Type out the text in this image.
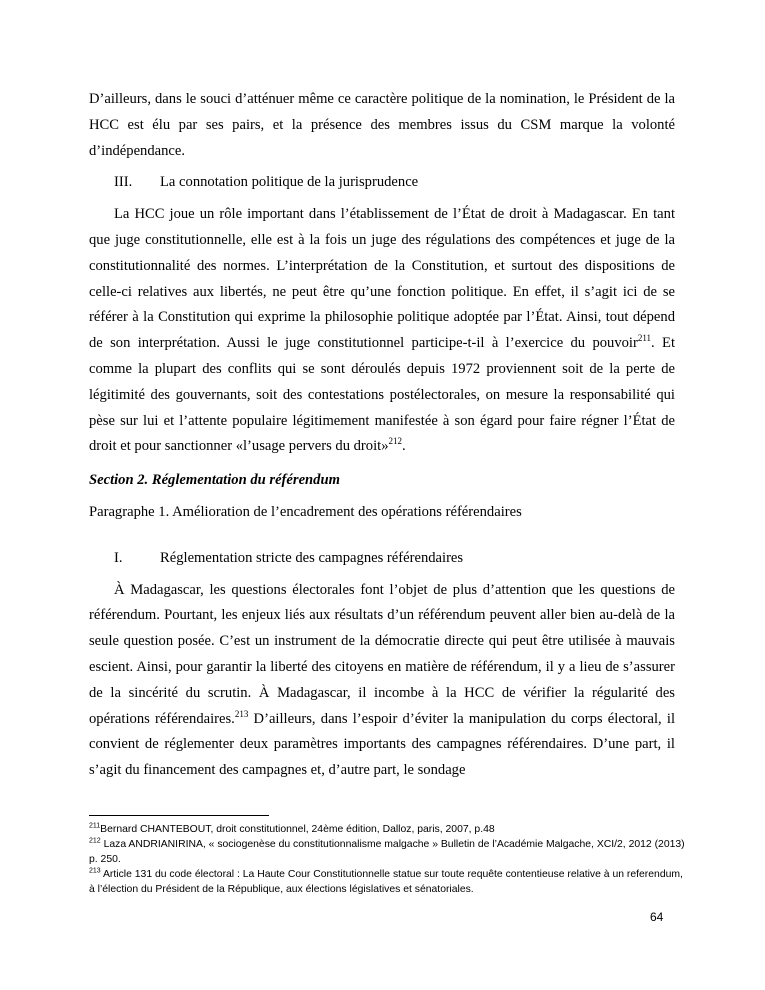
D’ailleurs, dans le souci d’atténuer même ce caractère politique de la nomination, le Président de la HCC est élu par ses pairs, et la présence des membres issus du CSM marque la volonté d’indépendance.

III.	La connotation politique de la jurisprudence

La HCC joue un rôle important dans l’établissement de l’État de droit à Madagascar. En tant que juge constitutionnelle, elle est à la fois un juge des régulations des compétences et juge de la constitutionnalité des normes. L’interprétation de la Constitution, et surtout des dispositions de celle-ci relatives aux libertés, ne peut être qu’une fonction politique. En effet, il s’agit ici de se référer à la Constitution qui exprime la philosophie politique adoptée par l’État. Ainsi, tout dépend de son interprétation. Aussi le juge constitutionnel participe-t-il à l’exercice du pouvoir$^{211}$. Et comme la plupart des conflits qui se sont déroulés depuis 1972 proviennent soit de la perte de légitimité des gouvernants, soit des contestations postélectorales, on mesure la responsabilité qui pèse sur lui et l’attente populaire légitimement manifestée à son égard pour faire régner l’État de droit et pour sanctionner «l’usage pervers du droit»$^{212}$.

Section 2. Réglementation du référendum
Paragraphe 1. Amélioration de l’encadrement des opérations référendaires
I.	Réglementation stricte des campagnes référendaires

À Madagascar, les questions électorales font l’objet de plus d’attention que les questions de référendum. Pourtant, les enjeux liés aux résultats d’un référendum peuvent aller bien au-delà de la seule question posée. C’est un instrument de la démocratie directe qui peut être utilisée à mauvais escient. Ainsi, pour garantir la liberté des citoyens en matière de référendum, il y a lieu de s’assurer de la sincérité du scrutin. À Madagascar, il incombe à la HCC de vérifier la régularité des opérations référendaires.$^{213}$ D’ailleurs, dans l’espoir d’éviter la manipulation du corps électoral, il convient de réglementer deux paramètres importants des campagnes référendaires. D’une part, il s’agit du financement des campagnes et, d’autre part, le sondage

$^{211}$Bernard CHANTEBOUT, droit constitutionnel, 24ème édition, Dalloz, paris, 2007, p.48
$^{212}$ Laza ANDRIANIRINA, « sociogenèse du constitutionnalisme malgache » Bulletin de l’Académie Malgache, XCI/2, 2012 (2013) p. 250.
$^{213}$ Article 131 du code électoral : La Haute Cour Constitutionnelle statue sur toute requête contentieuse relative à un referendum, à l’élection du Président de la République, aux élections législatives et sénatoriales.
64
